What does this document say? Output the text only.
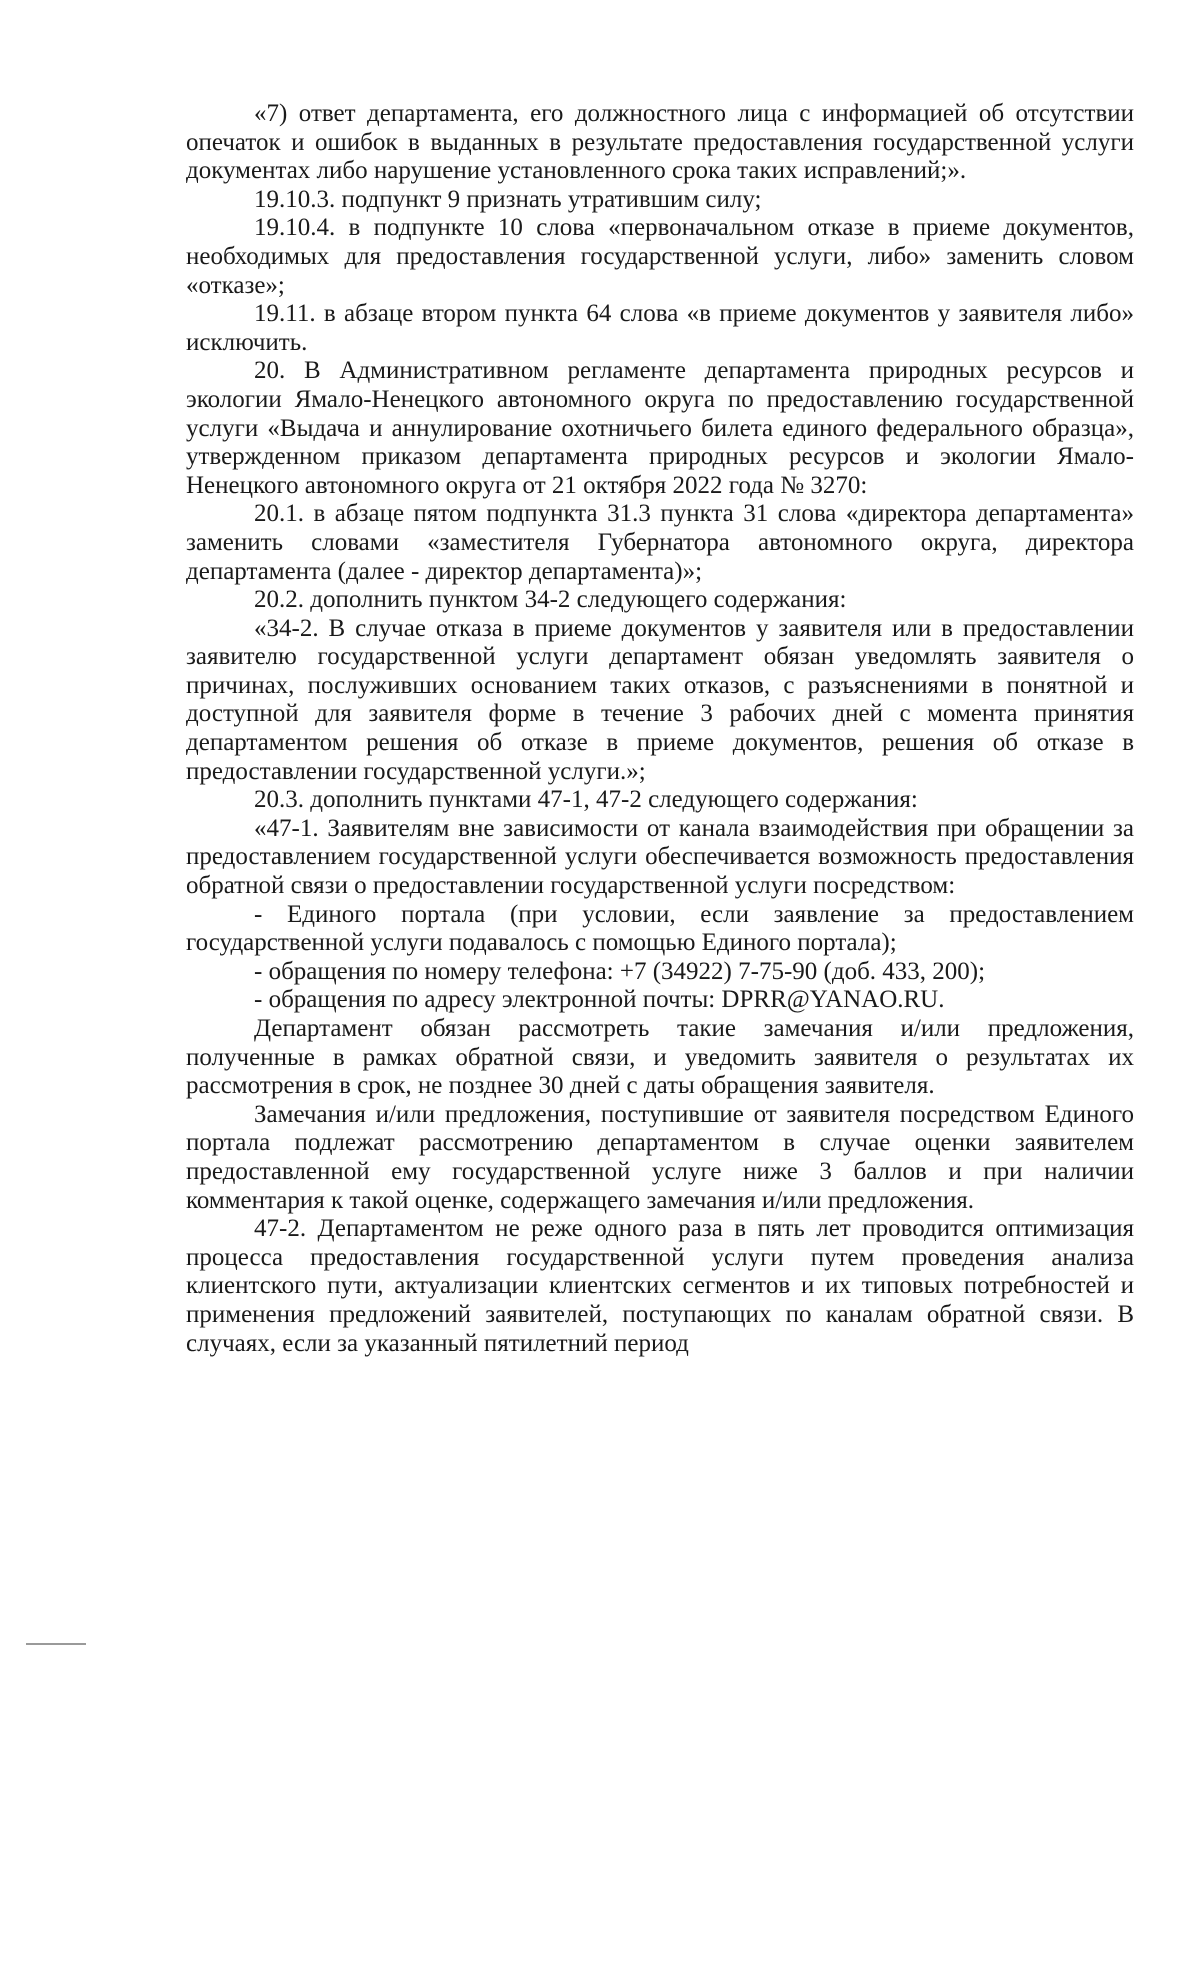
«7) ответ департамента, его должностного лица с информацией об отсутствии опечаток и ошибок в выданных в результате предоставления государственной услуги документах либо нарушение установленного срока таких исправлений;».

19.10.3. подпункт 9 признать утратившим силу;

19.10.4. в подпункте 10 слова «первоначальном отказе в приеме документов, необходимых для предоставления государственной услуги, либо» заменить словом «отказе»;

19.11. в абзаце втором пункта 64 слова «в приеме документов у заявителя либо» исключить.

20. В Административном регламенте департамента природных ресурсов и экологии Ямало-Ненецкого автономного округа по предоставлению государственной услуги «Выдача и аннулирование охотничьего билета единого федерального образца», утвержденном приказом департамента природных ресурсов и экологии Ямало-Ненецкого автономного округа от 21 октября 2022 года № 3270:

20.1. в абзаце пятом подпункта 31.3 пункта 31 слова «директора департамента» заменить словами «заместителя Губернатора автономного округа, директора департамента (далее - директор департамента)»;

20.2. дополнить пунктом 34-2 следующего содержания:

«34-2. В случае отказа в приеме документов у заявителя или в предоставлении заявителю государственной услуги департамент обязан уведомлять заявителя о причинах, послуживших основанием таких отказов, с разъяснениями в понятной и доступной для заявителя форме в течение 3 рабочих дней с момента принятия департаментом решения об отказе в приеме документов, решения об отказе в предоставлении государственной услуги.»;

20.3. дополнить пунктами 47-1, 47-2 следующего содержания:

«47-1. Заявителям вне зависимости от канала взаимодействия при обращении за предоставлением государственной услуги обеспечивается возможность предоставления обратной связи о предоставлении государственной услуги посредством:

- Единого портала (при условии, если заявление за предоставлением государственной услуги подавалось с помощью Единого портала);

- обращения по номеру телефона: +7 (34922) 7-75-90 (доб. 433, 200);

- обращения по адресу электронной почты: DPRR@YANAO.RU.

Департамент обязан рассмотреть такие замечания и/или предложения, полученные в рамках обратной связи, и уведомить заявителя о результатах их рассмотрения в срок, не позднее 30 дней с даты обращения заявителя.

Замечания и/или предложения, поступившие от заявителя посредством Единого портала подлежат рассмотрению департаментом в случае оценки заявителем предоставленной ему государственной услуге ниже 3 баллов и при наличии комментария к такой оценке, содержащего замечания и/или предложения.

47-2. Департаментом не реже одного раза в пять лет проводится оптимизация процесса предоставления государственной услуги путем проведения анализа клиентского пути, актуализации клиентских сегментов и их типовых потребностей и применения предложений заявителей, поступающих по каналам обратной связи. В случаях, если за указанный пятилетний период
